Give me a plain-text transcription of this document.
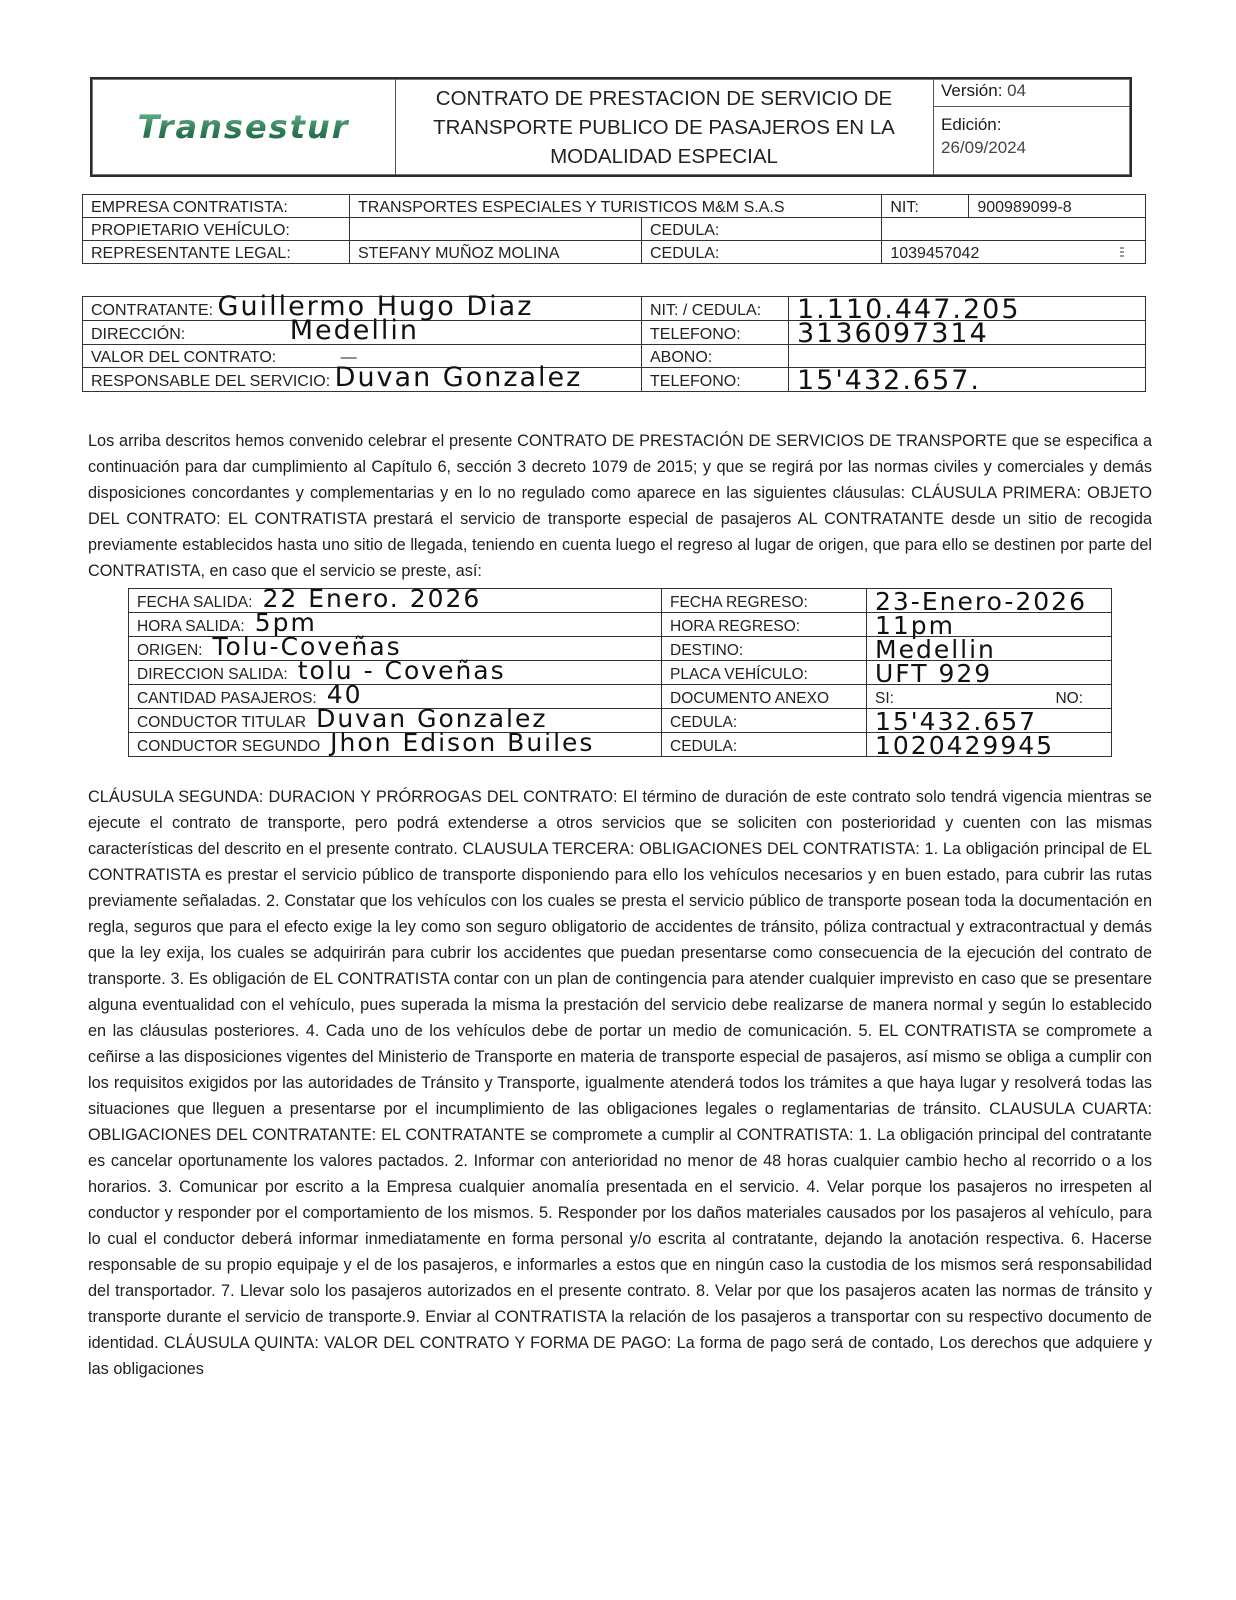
Transestur
CONTRATO DE PRESTACION DE SERVICIO DE
TRANSPORTE PUBLICO DE PASAJEROS EN LA
MODALIDAD ESPECIAL
Versión: 04
Edición:
26/09/2024
EMPRESA CONTRATISTA:	TRANSPORTES ESPECIALES Y TURISTICOS M&M S.A.S		NIT:	900989099-8
PROPIETARIO VEHÍCULO:		CEDULA:		
REPRESENTANTE LEGAL:	STEFANY MUÑOZ MOLINA	CEDULA:	1039457042	
CONTRATANTE: Guillermo Hugo Diaz	NIT: / CEDULA:	1.110.447.205
DIRECCIÓN: Medellin	TELEFONO:	3136097314
VALOR DEL CONTRATO: —	ABONO:	
RESPONSABLE DEL SERVICIO: Duvan Gonzalez	TELEFONO:	15'432.657.

Los arriba descritos hemos convenido celebrar el presente CONTRATO DE PRESTACIÓN DE SERVICIOS DE TRANSPORTE que se especifica a continuación para dar cumplimiento al Capítulo 6, sección 3 decreto 1079 de 2015; y que se regirá por las normas civiles y comerciales y demás disposiciones concordantes y complementarias y en lo no regulado como aparece en las siguientes cláusulas: CLÁUSULA PRIMERA: OBJETO DEL CONTRATO: EL CONTRATISTA prestará el servicio de transporte especial de pasajeros AL CONTRATANTE desde un sitio de recogida previamente establecidos hasta uno sitio de llegada, teniendo en cuenta luego el regreso al lugar de origen, que para ello se destinen por parte del CONTRATISTA, en caso que el servicio se preste, así:

FECHA SALIDA: 22 Enero. 2026	FECHA REGRESO:	23-Enero-2026
HORA SALIDA: 5pm	HORA REGRESO:	11pm
ORIGEN: Tolu-Coveñas	DESTINO:	Medellin
DIRECCION SALIDA: tolu - Coveñas	PLACA VEHÍCULO:	UFT 929
CANTIDAD PASAJEROS: 40	DOCUMENTO ANEXO	SI: NO:

CONDUCTOR TITULAR Duvan Gonzalez	CEDULA:	15'432.657
CONDUCTOR SEGUNDO Jhon Edison Builes	CEDULA:	1020429945

CLÁUSULA SEGUNDA: DURACION Y PRÓRROGAS DEL CONTRATO: El término de duración de este contrato solo tendrá vigencia mientras se ejecute el contrato de transporte, pero podrá extenderse a otros servicios que se soliciten con posterioridad y cuenten con las mismas características del descrito en el presente contrato. CLAUSULA TERCERA: OBLIGACIONES DEL CONTRATISTA: 1. La obligación principal de EL CONTRATISTA es prestar el servicio público de transporte disponiendo para ello los vehículos necesarios y en buen estado, para cubrir las rutas previamente señaladas. 2. Constatar que los vehículos con los cuales se presta el servicio público de transporte posean toda la documentación en regla, seguros que para el efecto exige la ley como son seguro obligatorio de accidentes de tránsito, póliza contractual y extracontractual y demás que la ley exija, los cuales se adquirirán para cubrir los accidentes que puedan presentarse como consecuencia de la ejecución del contrato de transporte. 3. Es obligación de EL CONTRATISTA contar con un plan de contingencia para atender cualquier imprevisto en caso que se presentare alguna eventualidad con el vehículo, pues superada la misma la prestación del servicio debe realizarse de manera normal y según lo establecido en las cláusulas posteriores. 4. Cada uno de los vehículos debe de portar un medio de comunicación. 5. EL CONTRATISTA se compromete a ceñirse a las disposiciones vigentes del Ministerio de Transporte en materia de transporte especial de pasajeros, así mismo se obliga a cumplir con los requisitos exigidos por las autoridades de Tránsito y Transporte, igualmente atenderá todos los trámites a que haya lugar y resolverá todas las situaciones que lleguen a presentarse por el incumplimiento de las obligaciones legales o reglamentarias de tránsito. CLAUSULA CUARTA: OBLIGACIONES DEL CONTRATANTE: EL CONTRATANTE se compromete a cumplir al CONTRATISTA: 1. La obligación principal del contratante es cancelar oportunamente los valores pactados. 2. Informar con anterioridad no menor de 48 horas cualquier cambio hecho al recorrido o a los horarios. 3. Comunicar por escrito a la Empresa cualquier anomalía presentada en el servicio. 4. Velar porque los pasajeros no irrespeten al conductor y responder por el comportamiento de los mismos. 5. Responder por los daños materiales causados por los pasajeros al vehículo, para lo cual el conductor deberá informar inmediatamente en forma personal y/o escrita al contratante, dejando la anotación respectiva. 6. Hacerse responsable de su propio equipaje y el de los pasajeros, e informarles a estos que en ningún caso la custodia de los mismos será responsabilidad del transportador. 7. Llevar solo los pasajeros autorizados en el presente contrato. 8. Velar por que los pasajeros acaten las normas de tránsito y transporte durante el servicio de transporte.9. Enviar al CONTRATISTA la relación de los pasajeros a transportar con su respectivo documento de identidad. CLÁUSULA QUINTA: VALOR DEL CONTRATO Y FORMA DE PAGO: La forma de pago será de contado, Los derechos que adquiere y las obligaciones
